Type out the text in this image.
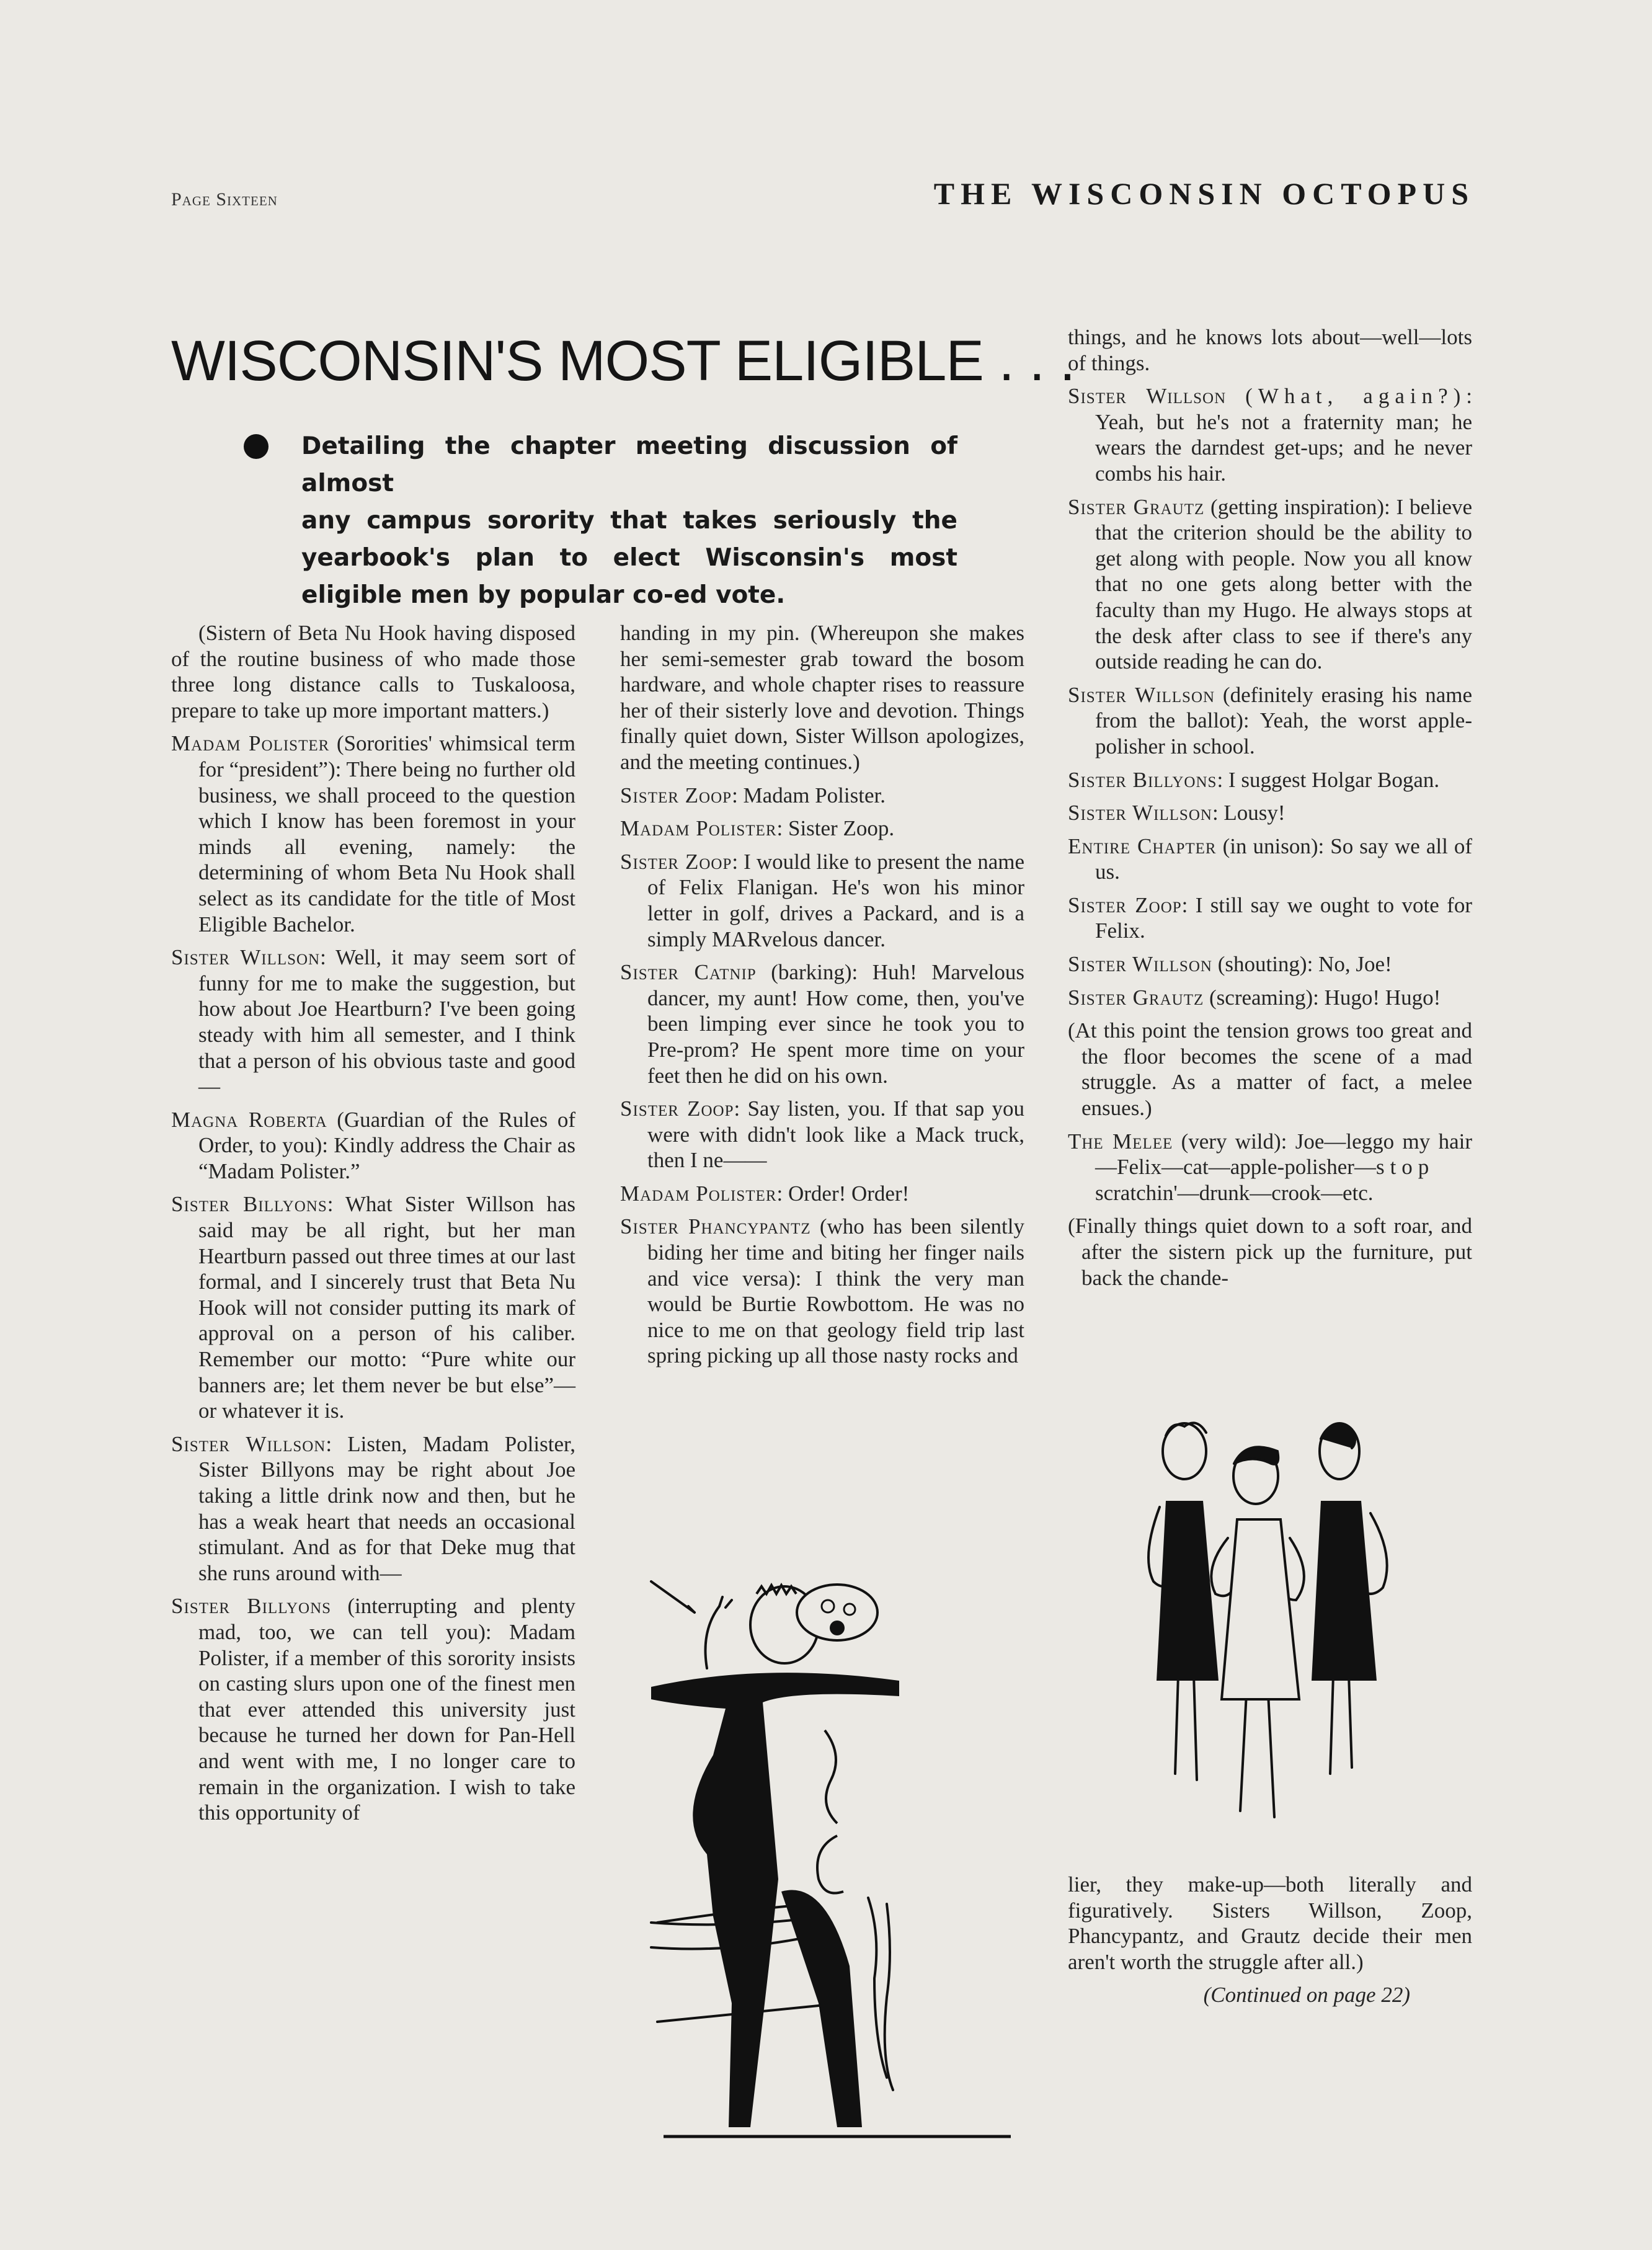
Page Sixteen	THE WISCONSIN OCTOPUS
WISCONSIN'S MOST ELIGIBLE . . .
Detailing the chapter meeting discussion of almost
any campus sorority that takes seriously the yearbook's plan to elect Wisconsin's most eligible men by popular co-ed vote.

(Sistern of Beta Nu Hook having disposed of the routine business of who made those three long distance calls to Tuskaloosa, prepare to take up more important matters.)

Madam Polister (Sororities' whimsical term for “president”): There being no further old business, we shall proceed to the question which I know has been foremost in your minds all evening, namely: the determining of whom Beta Nu Hook shall select as its candidate for the title of Most Eligible Bachelor.

Sister Willson: Well, it may seem sort of funny for me to make the suggestion, but how about Joe Heartburn? I've been going steady with him all semester, and I think that a person of his obvious taste and good—

Magna Roberta (Guardian of the Rules of Order, to you): Kindly address the Chair as “Madam Polister.”

Sister Billyons: What Sister Willson has said may be all right, but her man Heartburn passed out three times at our last formal, and I sincerely trust that Beta Nu Hook will not consider putting its mark of approval on a person of his caliber. Remember our motto: “Pure white our banners are; let them never be but else”—or whatever it is.

Sister Willson: Listen, Madam Polister, Sister Billyons may be right about Joe taking a little drink now and then, but he has a weak heart that needs an occasional stimulant. And as for that Deke mug that she runs around with—

Sister Billyons (interrupting and plenty mad, too, we can tell you): Madam Polister, if a member of this sorority insists on casting slurs upon one of the finest men that ever attended this university just because he turned her down for Pan-Hell and went with me, I no longer care to remain in the organization. I wish to take this opportunity of

handing in my pin. (Whereupon she makes her semi-semester grab toward the bosom hardware, and whole chapter rises to reassure her of their sisterly love and devotion. Things finally quiet down, Sister Willson apologizes, and the meeting continues.)

Sister Zoop: Madam Polister.

Madam Polister: Sister Zoop.

Sister Zoop: I would like to present the name of Felix Flanigan. He's won his minor letter in golf, drives a Packard, and is a simply MARvelous dancer.

Sister Catnip (barking): Huh! Marvelous dancer, my aunt! How come, then, you've been limping ever since he took you to Pre-prom? He spent more time on your feet then he did on his own.

Sister Zoop: Say listen, you. If that sap you were with didn't look like a Mack truck, then I ne——

Madam Polister: Order! Order!

Sister Phancypantz (who has been silently biding her time and biting her finger nails and vice versa): I think the very man would be Burtie Rowbottom. He was no nice to me on that geology field trip last spring picking up all those nasty rocks and

things, and he knows lots about—well—lots of things.

Sister Willson (What, again?): Yeah, but he's not a fraternity man; he wears the darndest get-ups; and he never combs his hair.

Sister Grautz (getting inspiration): I believe that the criterion should be the ability to get along with people. Now you all know that no one gets along better with the faculty than my Hugo. He always stops at the desk after class to see if there's any outside reading he can do.

Sister Willson (definitely erasing his name from the ballot): Yeah, the worst apple-polisher in school.

Sister Billyons: I suggest Holgar Bogan.

Sister Willson: Lousy!

Entire Chapter (in unison): So say we all of us.

Sister Zoop: I still say we ought to vote for Felix.

Sister Willson (shouting): No, Joe!

Sister Grautz (screaming): Hugo! Hugo!

(At this point the tension grows too great and the floor becomes the scene of a mad struggle. As a matter of fact, a melee ensues.)

The Melee (very wild): Joe—leggo my hair—Felix—cat—apple-polisher—stop scratchin'—drunk—crook—etc.

(Finally things quiet down to a soft roar, and after the sistern pick up the furniture, put back the chande-

lier, they make-up—both literally and figuratively. Sisters Willson, Zoop, Phancypantz, and Grautz decide their men aren't worth the struggle after all.)

(Continued on page 22)
